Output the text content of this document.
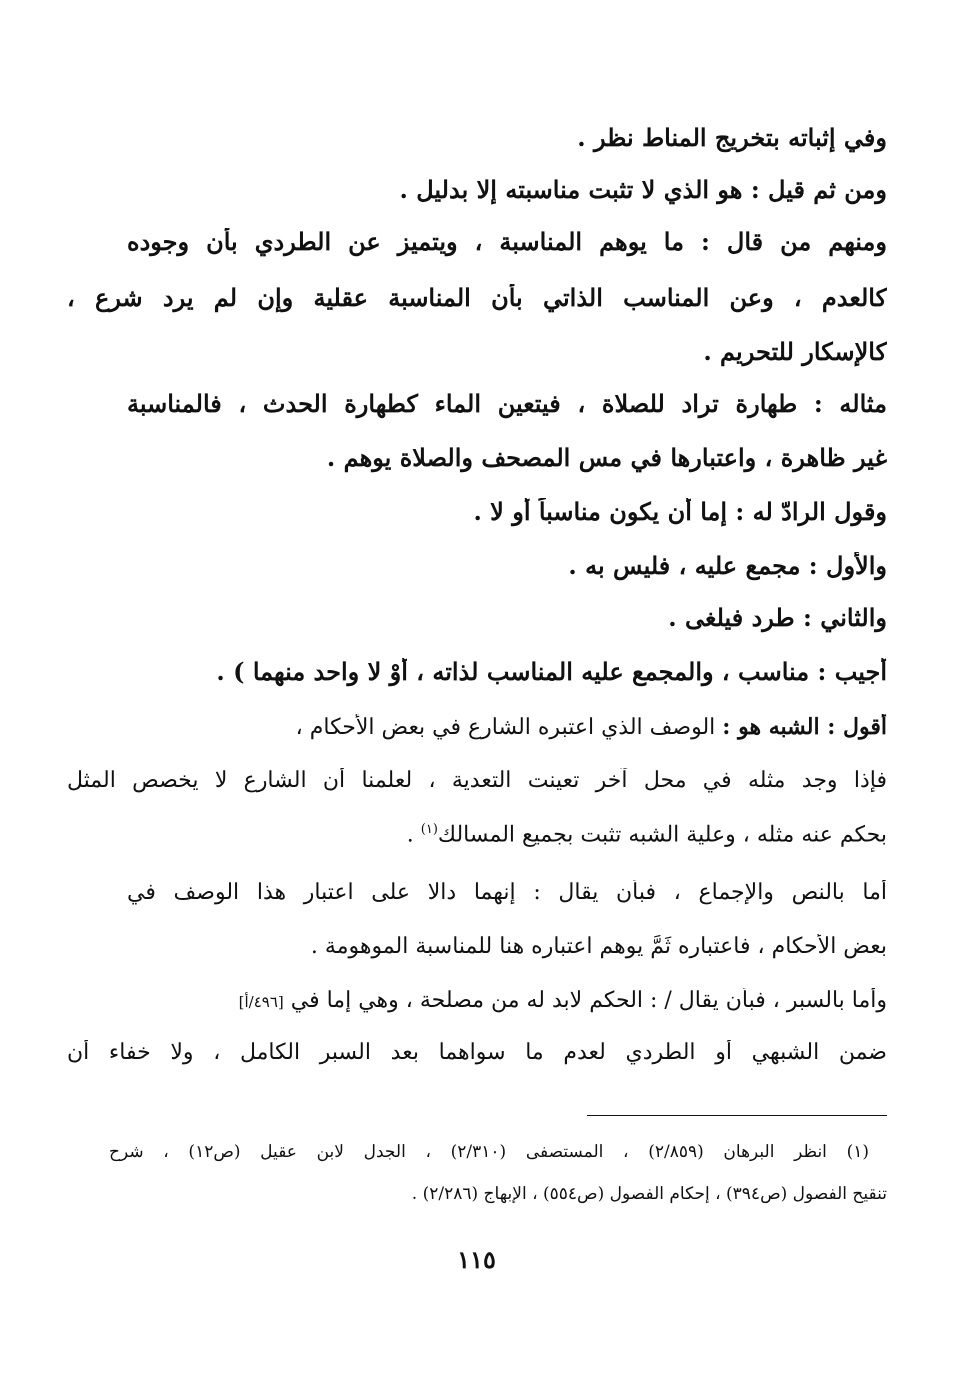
وفي إثباته بتخريج المناط نظر .
ومن ثم قيل : هو الذي لا تثبت مناسبته إلا بدليل .
ومنهم من قال : ما يوهم المناسبة ، ويتميز عن الطردي بأن وجوده
كالعدم ، وعن المناسب الذاتي بأن المناسبة عقلية وإن لم يرد شرع ،
كالإسكار للتحريم .
مثاله : طهارة تراد للصلاة ، فيتعين الماء كطهارة الحدث ، فالمناسبة
غير ظاهرة ، واعتبارها في مس المصحف والصلاة يوهم .
وقول الرادّ له : إما أن يكون مناسباً أو لا .
والأول : مجمع عليه ، فليس به .
والثاني : طرد فيلغى .
أجيب : مناسب ، والمجمع عليه المناسب لذاته ، أوْ لا واحد منهما ) .
أقول : الشبه هو : الوصف الذي اعتبره الشارع في بعض الأحكام ،
فإذا وجد مثله في محل آخر تعينت التعدية ، لعلمنا أن الشارع لا يخصص المثل
بحكم عنه مثله ، وعلية الشبه تثبت بجميع المسالك$^{(١)}$ .
أما بالنص والإجماع ، فبأن يقال : إنهما دالا على اعتبار هذا الوصف في
بعض الأحكام ، فاعتباره ثَمَّ يوهم اعتباره هنا للمناسبة الموهومة .
وأما بالسبر ، فبأن يقال / : الحكم لابد له من مصلحة ، وهي إما في [٤٩٦/أ]
ضمن الشبهي أو الطردي لعدم ما سواهما بعد السبر الكامل ، ولا خفاء أن
(١) انظر البرهان (٢/٨٥٩) ، المستصفى (٢/٣١٠) ، الجدل لابن عقيل (ص١٢) ، شرح
تنقيح الفصول (ص٣٩٤) ، إحكام الفصول (ص٥٥٤) ، الإبهاج (٢/٢٨٦) .
١١٥
